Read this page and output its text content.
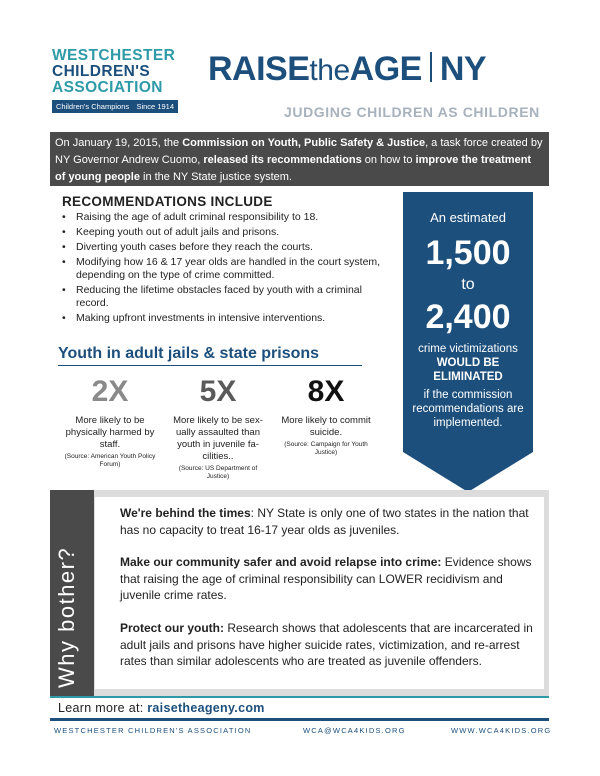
WESTCHESTER
CHILDREN'S
ASSOCIATION
Children's Champions Since 1914
RAISEtheAGE NY
JUDGING CHILDREN AS CHILDREN
On January 19, 2015, the Commission on Youth, Public Safety & Justice, a task force created by NY Governor Andrew Cuomo, released its recommendations on how to improve the treatment of young people in the NY State justice system.
RECOMMENDATIONS INCLUDE
• Raising the age of adult criminal responsibility to 18.
• Keeping youth out of adult jails and prisons.
• Diverting youth cases before they reach the courts.
• Modifying how 16 & 17 year olds are handled in the court system, depending on the type of crime committed.
• Reducing the lifetime obstacles faced by youth with a criminal record.
• Making upfront investments in intensive interventions.
An estimated
1,500
to
2,400
crime victimizations
WOULD BE ELIMINATED
if the commission recommendations are implemented.
Youth in adult jails & state prisons
2X
More likely to be physically harmed by staff.
(Source: American Youth Policy Forum)
5X
More likely to be sexually assaulted than youth in juvenile facilities..
(Source: US Department of Justice)
8X
More likely to commit suicide.
(Source: Campaign for Youth Justice)
Why bother?
We're behind the times: NY State is only one of two states in the nation that has no capacity to treat 16-17 year olds as juveniles.
Make our community safer and avoid relapse into crime: Evidence shows that raising the age of criminal responsibility can LOWER recidivism and juvenile crime rates.
Protect our youth: Research shows that adolescents that are incarcerated in adult jails and prisons have higher suicide rates, victimization, and re-arrest rates than similar adolescents who are treated as juvenile offenders.
Learn more at: raisetheageny.com
WESTCHESTER CHILDREN'S ASSOCIATION	WCA@WCA4KIDS.ORG	WWW.WCA4KIDS.ORG
